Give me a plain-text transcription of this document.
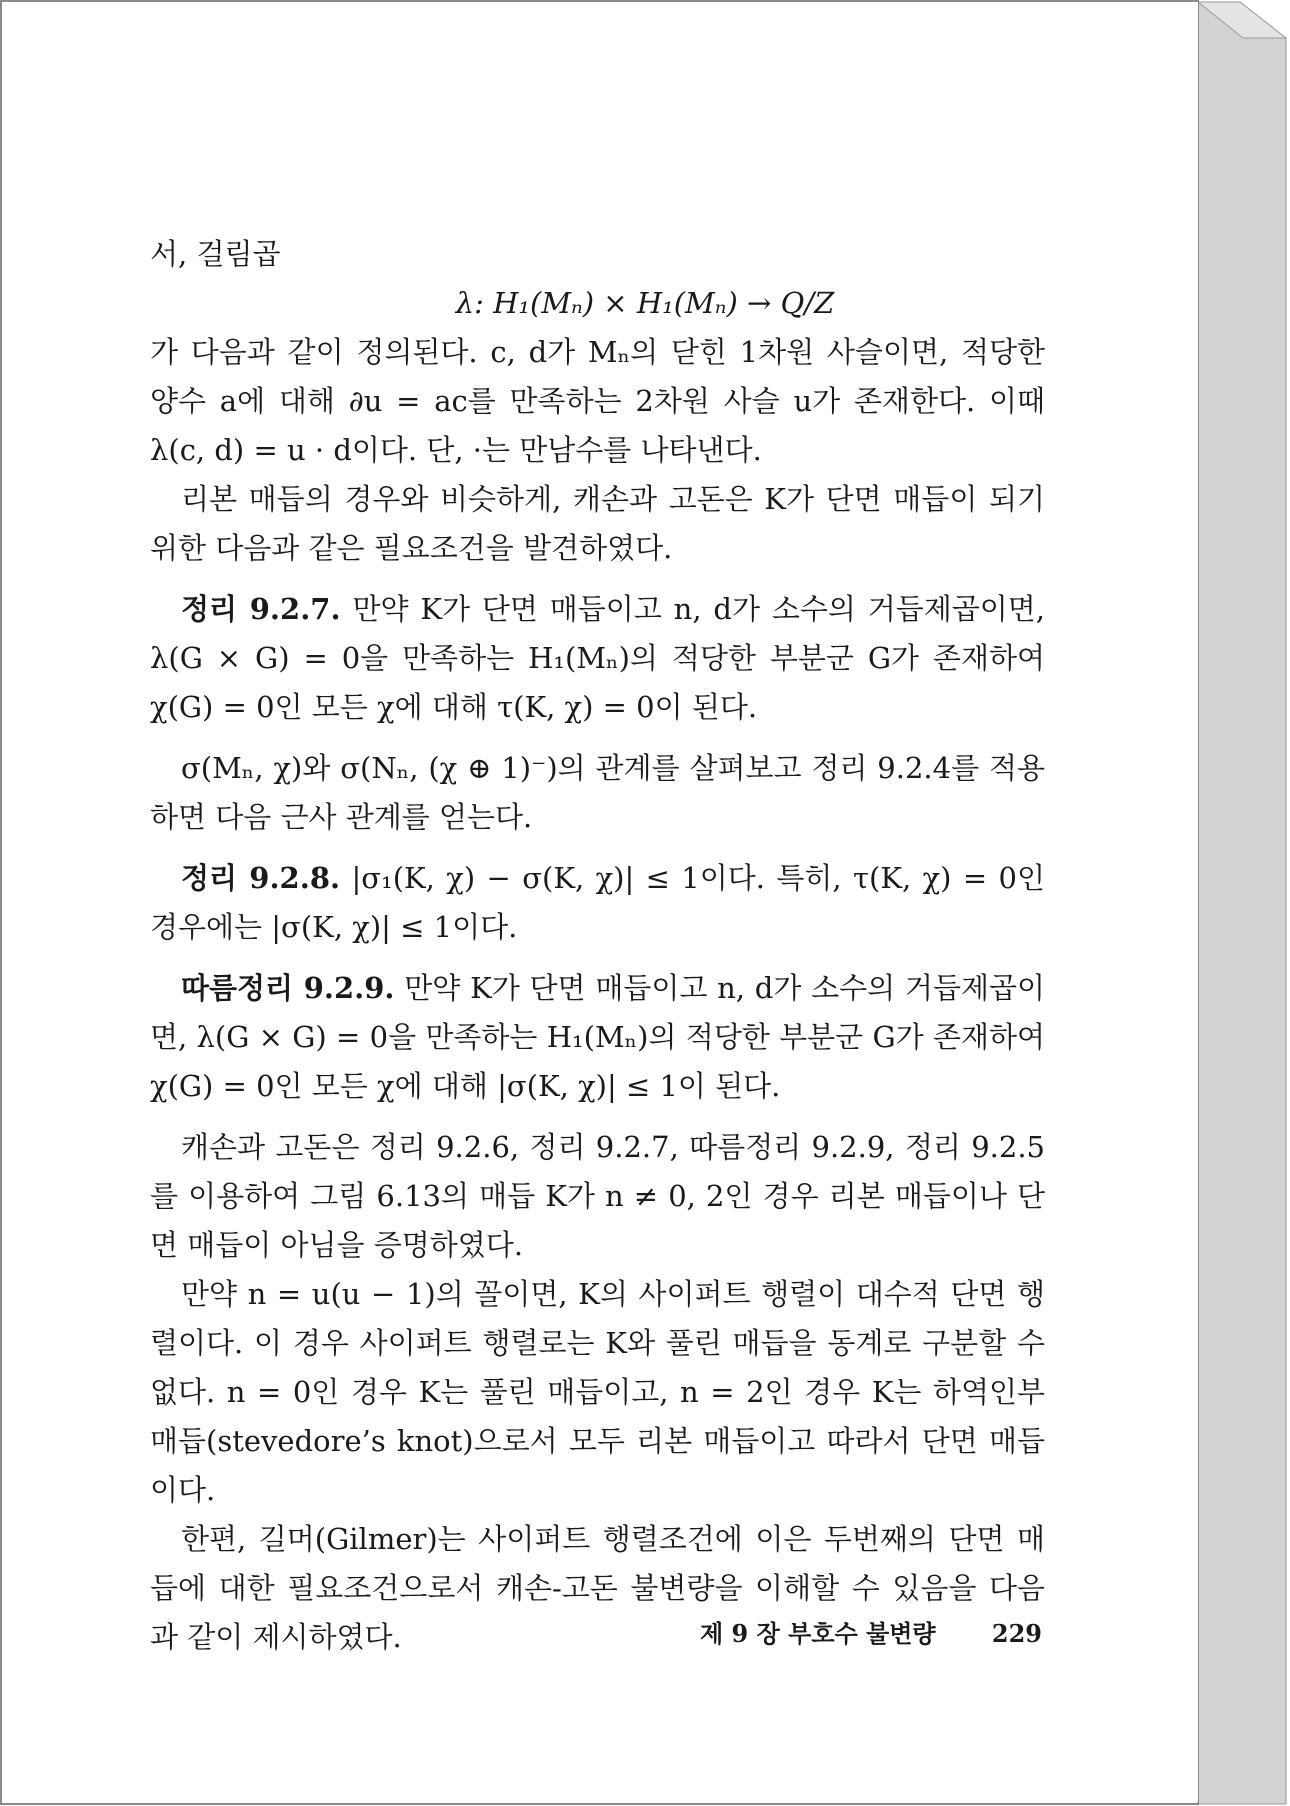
서, 걸림곱

λ: H₁(Mₙ) × H₁(Mₙ) → Q/Z

가 다음과 같이 정의된다. c, d가 Mₙ의 닫힌 1차원 사슬이면, 적당한 양수 a에 대해 ∂u = ac를 만족하는 2차원 사슬 u가 존재한다. 이때 λ(c, d) = u · d이다. 단, ·는 만남수를 나타낸다.

리본 매듭의 경우와 비슷하게, 캐손과 고돈은 K가 단면 매듭이 되기 위한 다음과 같은 필요조건을 발견하였다.

정리 9.2.7. 만약 K가 단면 매듭이고 n, d가 소수의 거듭제곱이면, λ(G × G) = 0을 만족하는 H₁(Mₙ)의 적당한 부분군 G가 존재하여 χ(G) = 0인 모든 χ에 대해 τ(K, χ) = 0이 된다.

σ(Mₙ, χ)와 σ(Nₙ, (χ ⊕ 1)⁻)의 관계를 살펴보고 정리 9.2.4를 적용하면 다음 근사 관계를 얻는다.

정리 9.2.8. |σ₁(K, χ) − σ(K, χ)| ≤ 1이다. 특히, τ(K, χ) = 0인 경우에는 |σ(K, χ)| ≤ 1이다.

따름정리 9.2.9. 만약 K가 단면 매듭이고 n, d가 소수의 거듭제곱이면, λ(G × G) = 0을 만족하는 H₁(Mₙ)의 적당한 부분군 G가 존재하여 χ(G) = 0인 모든 χ에 대해 |σ(K, χ)| ≤ 1이 된다.

캐손과 고돈은 정리 9.2.6, 정리 9.2.7, 따름정리 9.2.9, 정리 9.2.5를 이용하여 그림 6.13의 매듭 K가 n ≠ 0, 2인 경우 리본 매듭이나 단면 매듭이 아님을 증명하였다.

만약 n = u(u − 1)의 꼴이면, K의 사이퍼트 행렬이 대수적 단면 행렬이다. 이 경우 사이퍼트 행렬로는 K와 풀린 매듭을 동계로 구분할 수 없다. n = 0인 경우 K는 풀린 매듭이고, n = 2인 경우 K는 하역인부 매듭(stevedore’s knot)으로서 모두 리본 매듭이고 따라서 단면 매듭이다.

한편, 길머(Gilmer)는 사이퍼트 행렬조건에 이은 두번째의 단면 매듭에 대한 필요조건으로서 캐손-고돈 불변량을 이해할 수 있음을 다음과 같이 제시하였다.	제 9 장 부호수 불변량 229
